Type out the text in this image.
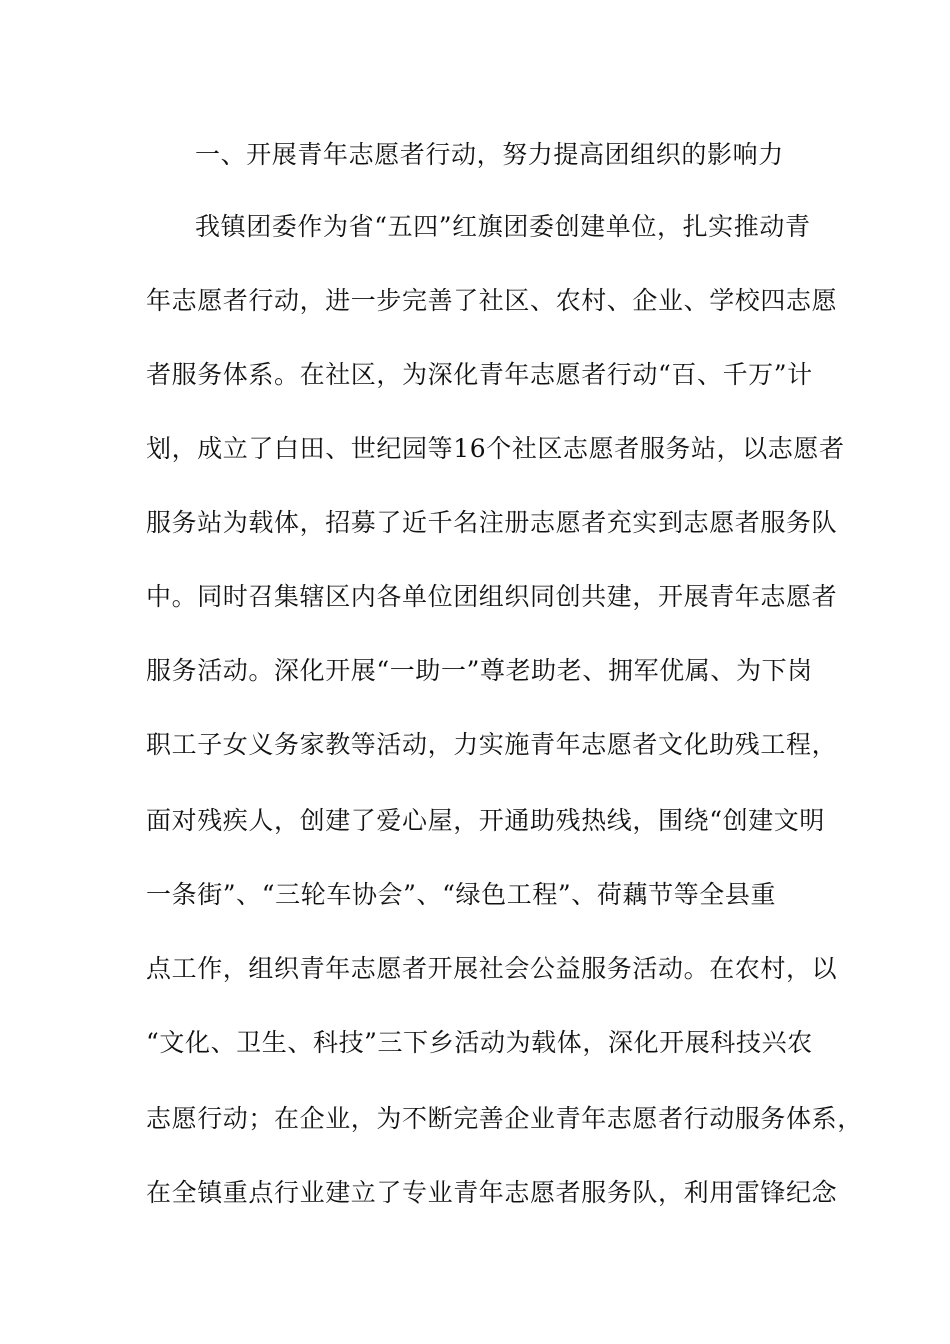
一、开展青年志愿者行动，努力提高团组织的影响力
我镇团委作为省“五四”红旗团委创建单位，扎实推动青
年志愿者行动，进一步完善了社区、农村、企业、学校四志愿
者服务体系。在社区，为深化青年志愿者行动“百、千万”计
划，成立了白田、世纪园等16个社区志愿者服务站，以志愿者
服务站为载体，招募了近千名注册志愿者充实到志愿者服务队
中。同时召集辖区内各单位团组织同创共建，开展青年志愿者
服务活动。深化开展“一助一”尊老助老、拥军优属、为下岗
职工子女义务家教等活动，力实施青年志愿者文化助残工程，
面对残疾人，创建了爱心屋，开通助残热线，围绕“创建文明
一条街”、“三轮车协会”、“绿色工程”、荷藕节等全县重
点工作，组织青年志愿者开展社会公益服务活动。在农村，以
“文化、卫生、科技”三下乡活动为载体，深化开展科技兴农
志愿行动；在企业，为不断完善企业青年志愿者行动服务体系，
在全镇重点行业建立了专业青年志愿者服务队，利用雷锋纪念
